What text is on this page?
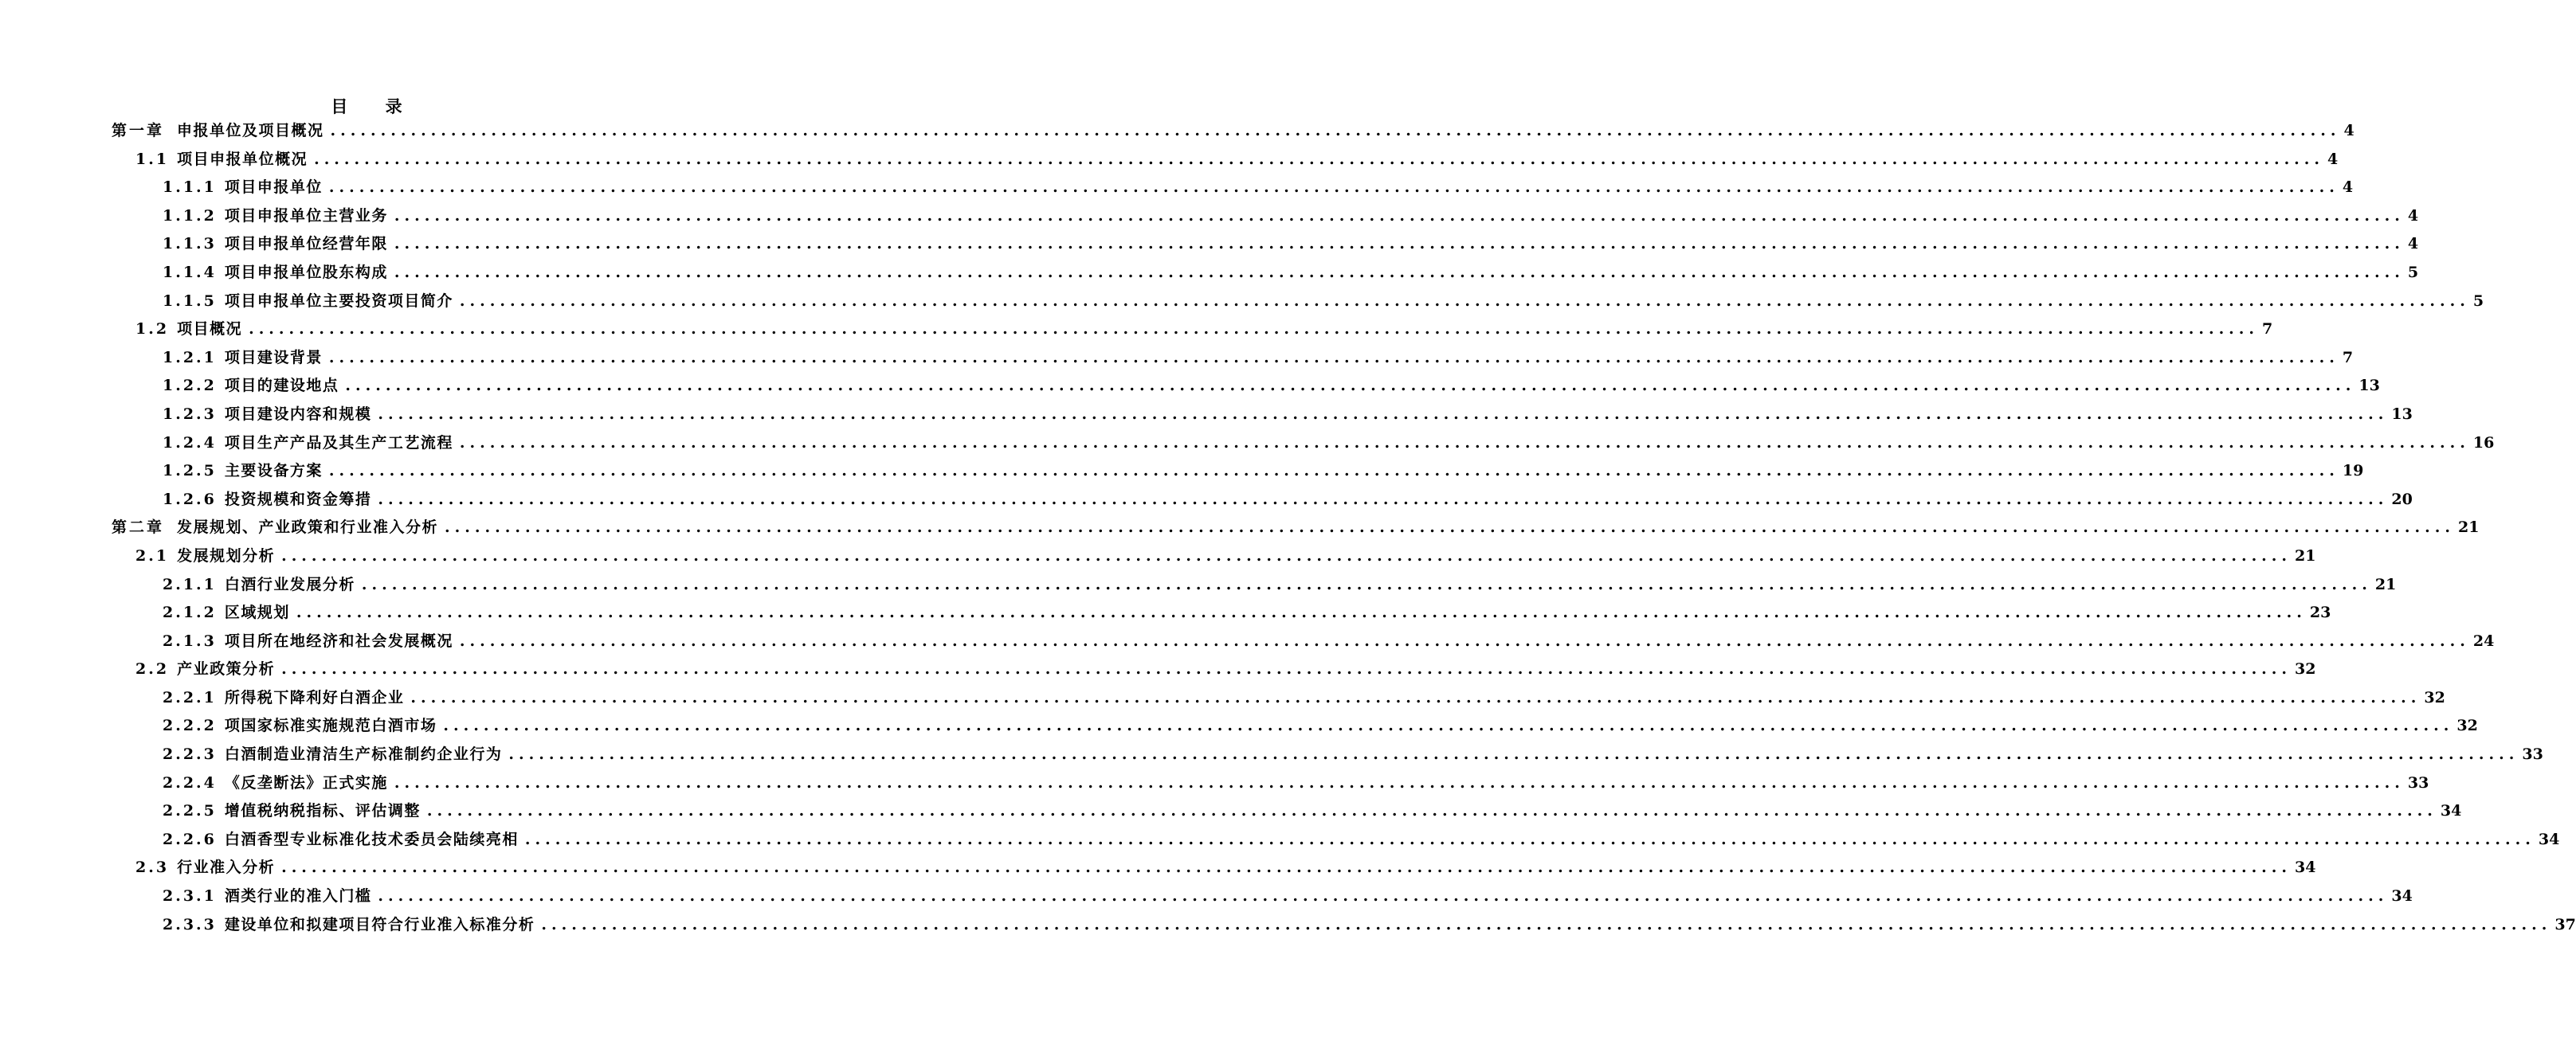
目 录
第一章 申报单位及项目概况 ........................................................................................................................................................................................................ 4
1.1 项目申报单位概况 ........................................................................................................................................................................................................ 4
1.1.1 项目申报单位 ........................................................................................................................................................................................................ 4
1.1.2 项目申报单位主营业务 ........................................................................................................................................................................................................ 4
1.1.3 项目申报单位经营年限 ........................................................................................................................................................................................................ 4
1.1.4 项目申报单位股东构成 ........................................................................................................................................................................................................ 5
1.1.5 项目申报单位主要投资项目简介 ........................................................................................................................................................................................................ 5
1.2 项目概况 ........................................................................................................................................................................................................ 7
1.2.1 项目建设背景 ........................................................................................................................................................................................................ 7
1.2.2 项目的建设地点 ........................................................................................................................................................................................................ 13
1.2.3 项目建设内容和规模 ........................................................................................................................................................................................................ 13
1.2.4 项目生产产品及其生产工艺流程 ........................................................................................................................................................................................................ 16
1.2.5 主要设备方案 ........................................................................................................................................................................................................ 19
1.2.6 投资规模和资金筹措 ........................................................................................................................................................................................................ 20
第二章 发展规划、产业政策和行业准入分析 ........................................................................................................................................................................................................ 21
2.1 发展规划分析 ........................................................................................................................................................................................................ 21
2.1.1 白酒行业发展分析 ........................................................................................................................................................................................................ 21
2.1.2 区域规划 ........................................................................................................................................................................................................ 23
2.1.3 项目所在地经济和社会发展概况 ........................................................................................................................................................................................................ 24
2.2 产业政策分析 ........................................................................................................................................................................................................ 32
2.2.1 所得税下降利好白酒企业 ........................................................................................................................................................................................................ 32
2.2.2 项国家标准实施规范白酒市场 ........................................................................................................................................................................................................ 32
2.2.3 白酒制造业清洁生产标准制约企业行为 ........................................................................................................................................................................................................ 33
2.2.4 《反垄断法》正式实施 ........................................................................................................................................................................................................ 33
2.2.5 增值税纳税指标、评估调整 ........................................................................................................................................................................................................ 34
2.2.6 白酒香型专业标准化技术委员会陆续亮相 ........................................................................................................................................................................................................ 34
2.3 行业准入分析 ........................................................................................................................................................................................................ 34
2.3.1 酒类行业的准入门槛 ........................................................................................................................................................................................................ 34
2.3.3 建设单位和拟建项目符合行业准入标准分析 ........................................................................................................................................................................................................ 37
